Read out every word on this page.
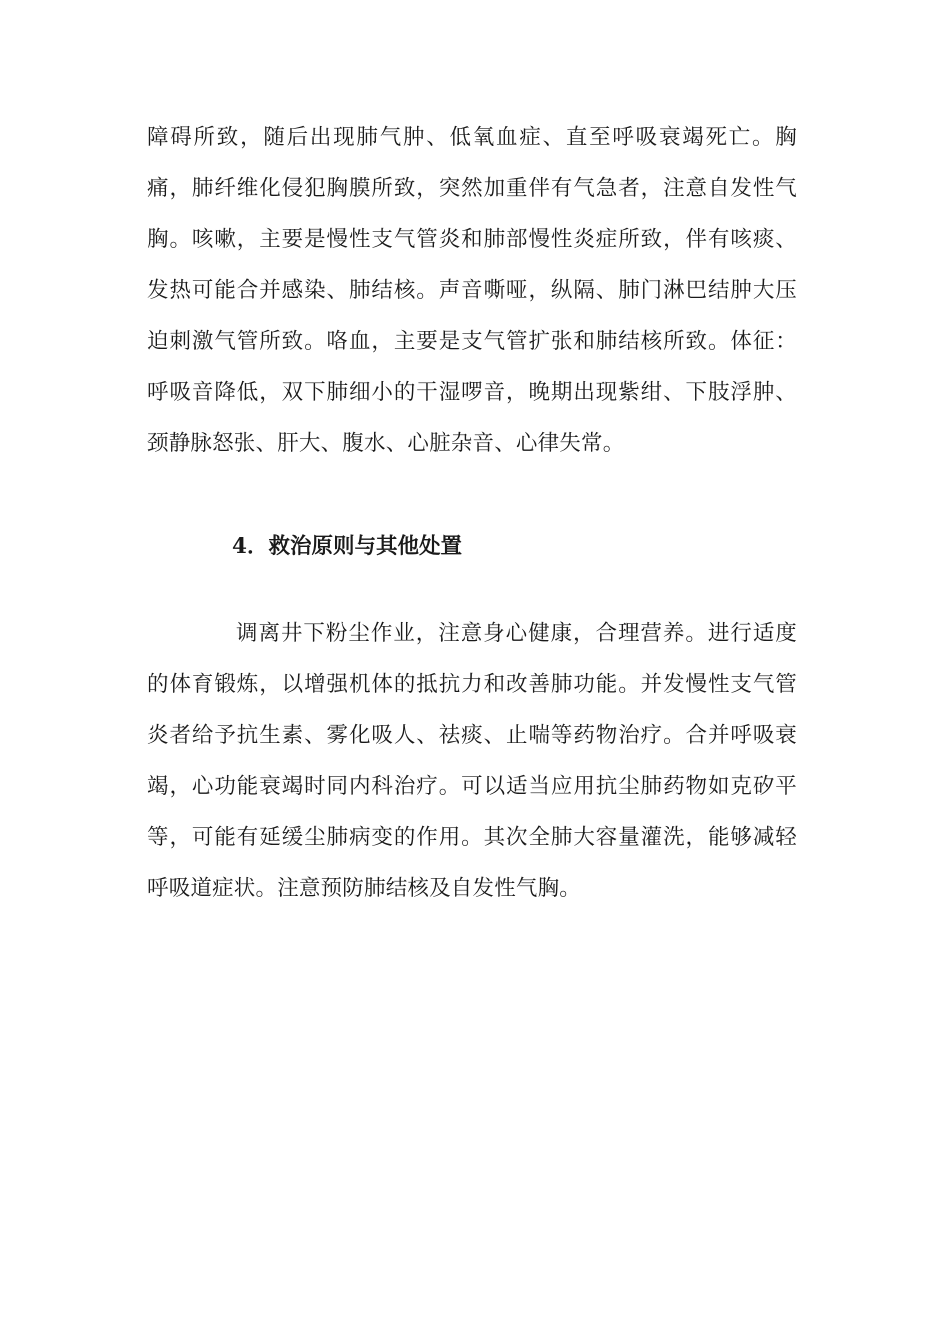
障碍所致，随后出现肺气肿、低氧血症、直至呼吸衰竭死亡。胸
痛，肺纤维化侵犯胸膜所致，突然加重伴有气急者，注意自发性气
胸。咳嗽，主要是慢性支气管炎和肺部慢性炎症所致，伴有咳痰、
发热可能合并感染、肺结核。声音嘶哑，纵隔、肺门淋巴结肿大压
迫刺激气管所致。咯血，主要是支气管扩张和肺结核所致。体征：
呼吸音降低，双下肺细小的干湿啰音，晚期出现紫绀、下肢浮肿、
颈静脉怒张、肝大、腹水、心脏杂音、心律失常。

4．救治原则与其他处置

调离井下粉尘作业，注意身心健康，合理营养。进行适度
的体育锻炼，以增强机体的抵抗力和改善肺功能。并发慢性支气管
炎者给予抗生素、雾化吸人、祛痰、止喘等药物治疗。合并呼吸衰
竭，心功能衰竭时同内科治疗。可以适当应用抗尘肺药物如克矽平
等，可能有延缓尘肺病变的作用。其次全肺大容量灌洗，能够减轻
呼吸道症状。注意预防肺结核及自发性气胸。
